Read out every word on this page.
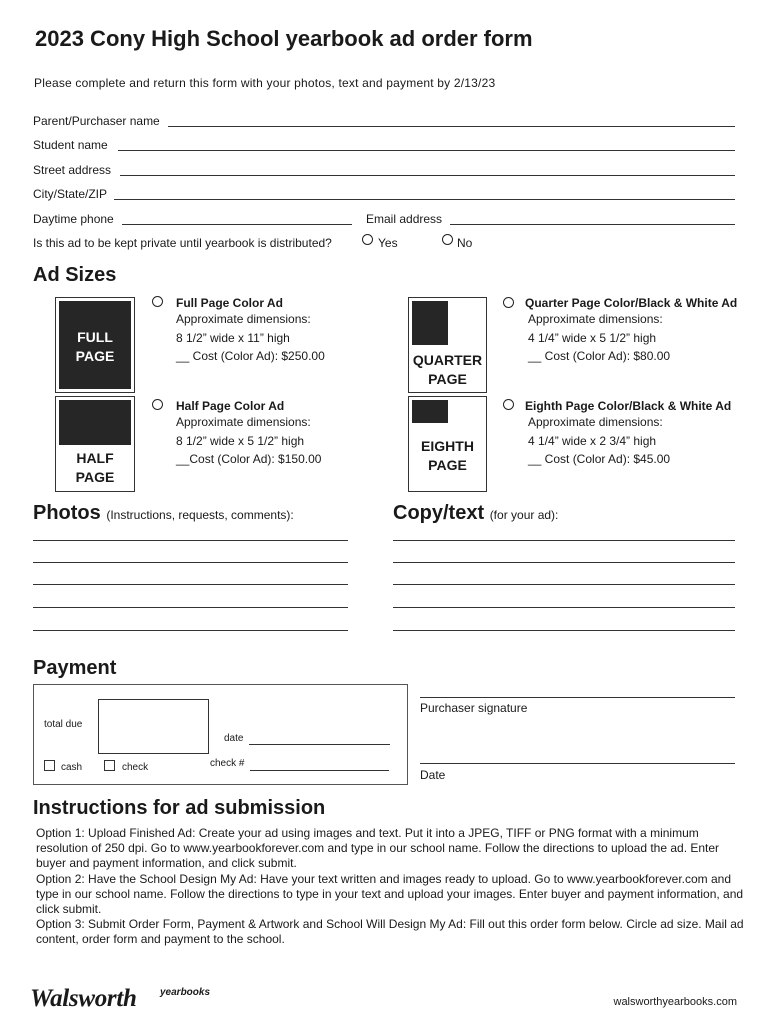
2023 Cony High School yearbook ad order form
Please complete and return this form with your photos, text and payment by 2/13/23
Parent/Purchaser name
Student name
Street address
City/State/ZIP
Daytime phone	Email address
Is this ad to be kept private until yearbook is distributed?	Yes	No
Ad Sizes
FULL
PAGE
Full Page Color Ad
Approximate dimensions:
8 1/2” wide x 11” high
__ Cost (Color Ad): $250.00
HALF
PAGE
Half Page Color Ad
Approximate dimensions:
8 1/2” wide x 5 1/2” high
__Cost (Color Ad): $150.00
QUARTER
PAGE
Quarter Page Color/Black & White Ad
Approximate dimensions:
4 1/4” wide x 5 1/2” high
__ Cost (Color Ad): $80.00
EIGHTH
PAGE
Eighth Page Color/Black & White Ad
Approximate dimensions:
4 1/4” wide x 2 3/4” high
__ Cost (Color Ad): $45.00
Photos (Instructions, requests, comments):	Copy/text (for your ad):
Payment
total due
date
cash	check	check #
Purchaser signature
Date
Instructions for ad submission

Option 1: Upload Finished Ad: Create your ad using images and text. Put it into a JPEG, TIFF or PNG format with a minimum resolution of 250 dpi. Go to www.yearbookforever.com and type in our school name. Follow the directions to upload the ad. Enter buyer and payment information, and click submit.

Option 2: Have the School Design My Ad: Have your text written and images ready to upload. Go to www.yearbookforever.com and type in our school name. Follow the directions to type in your text and upload your images. Enter buyer and payment information, and click submit.

Option 3: Submit Order Form, Payment & Artwork and School Will Design My Ad: Fill out this order form below. Circle ad size. Mail ad content, order form and payment to the school.

Walsworth yearbooks
walsworthyearbooks.com
